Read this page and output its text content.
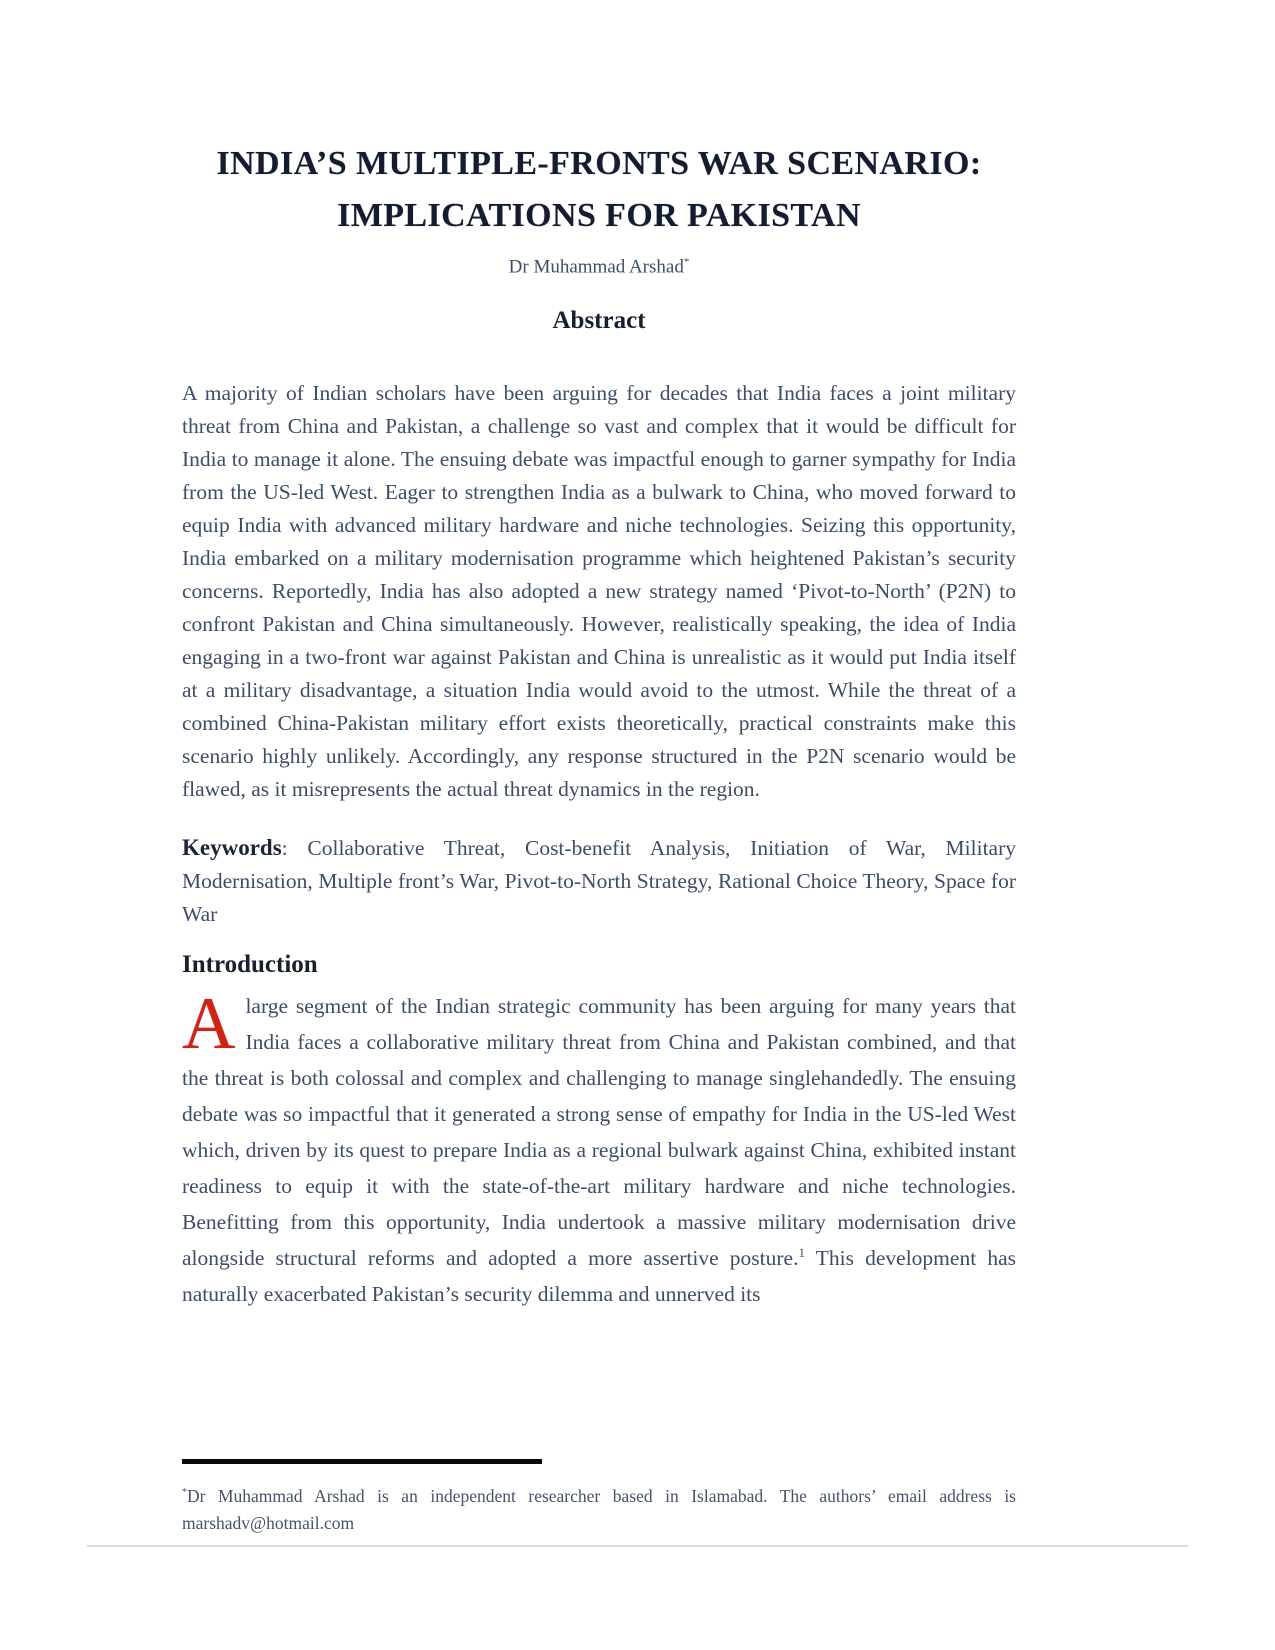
INDIA’S MULTIPLE-FRONTS WAR SCENARIO:
IMPLICATIONS FOR PAKISTAN
Dr Muhammad Arshad*
Abstract
A majority of Indian scholars have been arguing for decades that India faces a joint military threat from China and Pakistan, a challenge so vast and complex that it would be difficult for India to manage it alone. The ensuing debate was impactful enough to garner sympathy for India from the US-led West. Eager to strengthen India as a bulwark to China, who moved forward to equip India with advanced military hardware and niche technologies. Seizing this opportunity, India embarked on a military modernisation programme which heightened Pakistan’s security concerns. Reportedly, India has also adopted a new strategy named ‘Pivot-to-North’ (P2N) to confront Pakistan and China simultaneously. However, realistically speaking, the idea of India engaging in a two-front war against Pakistan and China is unrealistic as it would put India itself at a military disadvantage, a situation India would avoid to the utmost. While the threat of a combined China-Pakistan military effort exists theoretically, practical constraints make this scenario highly unlikely. Accordingly, any response structured in the P2N scenario would be flawed, as it misrepresents the actual threat dynamics in the region.
Keywords: Collaborative Threat, Cost-benefit Analysis, Initiation of War, Military Modernisation, Multiple front’s War, Pivot-to-North Strategy, Rational Choice Theory, Space for War
Introduction
Alarge segment of the Indian strategic community has been arguing for many years that India faces a collaborative military threat from China and Pakistan combined, and that the threat is both colossal and complex and challenging to manage singlehandedly. The ensuing debate was so impactful that it generated a strong sense of empathy for India in the US-led West which, driven by its quest to prepare India as a regional bulwark against China, exhibited instant readiness to equip it with the state-of-the-art military hardware and niche technologies. Benefitting from this opportunity, India undertook a massive military modernisation drive alongside structural reforms and adopted a more assertive posture.$^1$ This development has naturally exacerbated Pakistan’s security dilemma and unnerved its
*Dr Muhammad Arshad is an independent researcher based in Islamabad. The authors’ email address is marshadv@hotmail.com
